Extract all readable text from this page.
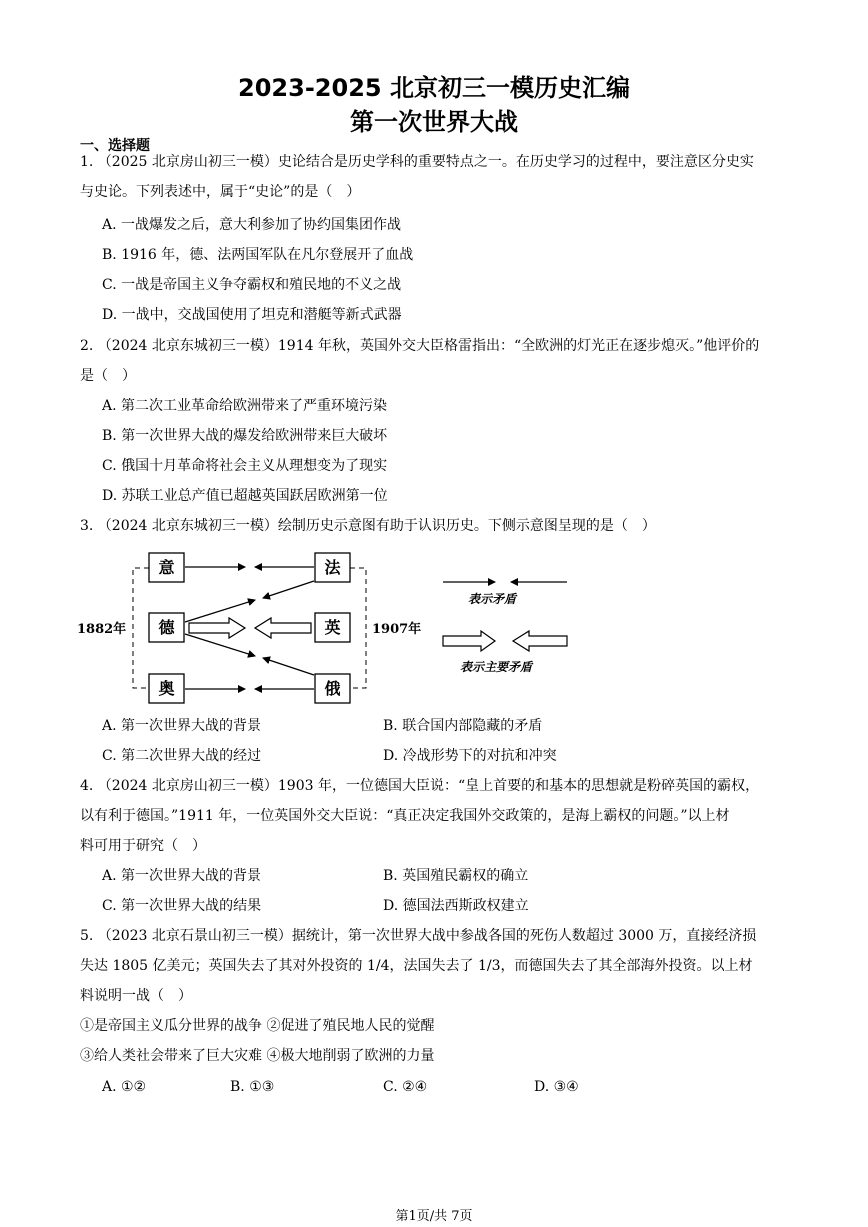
2023-2025 北京初三一模历史汇编
第一次世界大战
一、选择题
1. （2025 北京房山初三一模）史论结合是历史学科的重要特点之一。在历史学习的过程中，要注意区分史实
与史论。下列表述中，属于“史论”的是（　）
A. 一战爆发之后，意大利参加了协约国集团作战
B. 1916 年，德、法两国军队在凡尔登展开了血战
C. 一战是帝国主义争夺霸权和殖民地的不义之战
D. 一战中，交战国使用了坦克和潜艇等新式武器
2. （2024 北京东城初三一模）1914 年秋，英国外交大臣格雷指出：“全欧洲的灯光正在逐步熄灭。”他评价的
是（　）
A. 第二次工业革命给欧洲带来了严重环境污染
B. 第一次世界大战的爆发给欧洲带来巨大破坏
C. 俄国十月革命将社会主义从理想变为了现实
D. 苏联工业总产值已超越英国跃居欧洲第一位
3. （2024 北京东城初三一模）绘制历史示意图有助于认识历史。下侧示意图呈现的是（　）
1882年	1907年
意	法
德	英
奥	俄
表示矛盾
表示主要矛盾
A. 第一次世界大战的背景	B. 联合国内部隐藏的矛盾
C. 第二次世界大战的经过	D. 冷战形势下的对抗和冲突
4. （2024 北京房山初三一模）1903 年，一位德国大臣说：“皇上首要的和基本的思想就是粉碎英国的霸权，
以有利于德国。”1911 年，一位英国外交大臣说：“真正决定我国外交政策的，是海上霸权的问题。”以上材
料可用于研究（　）
A. 第一次世界大战的背景	B. 英国殖民霸权的确立
C. 第一次世界大战的结果	D. 德国法西斯政权建立
5. （2023 北京石景山初三一模）据统计，第一次世界大战中参战各国的死伤人数超过 3000 万，直接经济损
失达 1805 亿美元；英国失去了其对外投资的 1/4，法国失去了 1/3，而德国失去了其全部海外投资。以上材
料说明一战（　）
①是帝国主义瓜分世界的战争 ②促进了殖民地人民的觉醒
③给人类社会带来了巨大灾难 ④极大地削弱了欧洲的力量
A. ①②	B. ①③	C. ②④	D. ③④
第1页/共 7页
